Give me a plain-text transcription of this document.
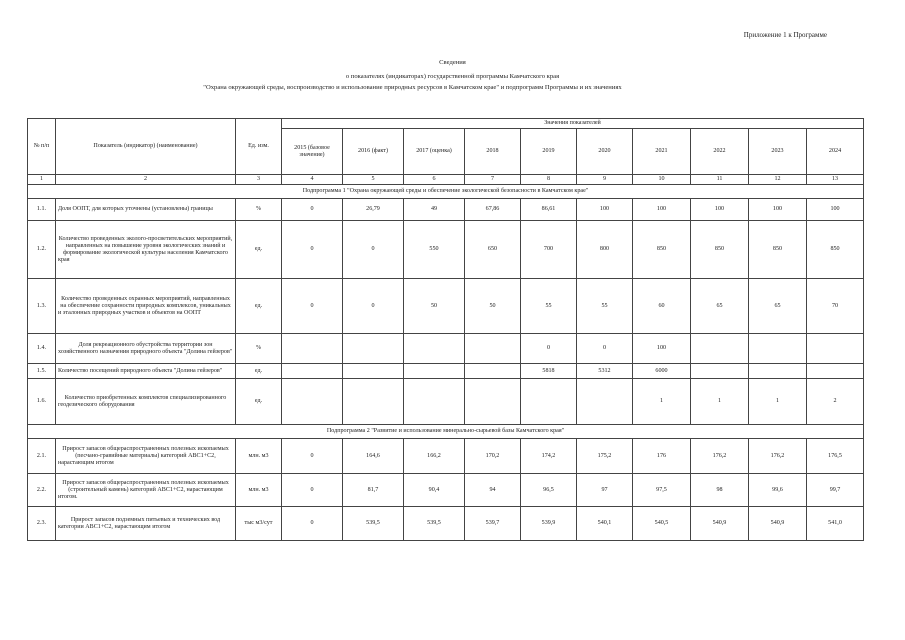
Приложение 1 к Программе
Сведения
о показателях (индикаторах) государственной программы Камчатского края
"Охрана окружающей среды, воспроизводство и использование природных ресурсов в Камчатском крае" и подпрограмм Программы и их значениях
№ п/п	Показатель (индикатор) (наименование)	Ед. изм.	Значения показателей									
			2015 (базовое значение)	2016 (факт)	2017 (оценка)	2018	2019	2020	2021	2022	2023	2024
1	2	3	4	5	6	7	8	9	10	11	12	13
Подпрограмма 1 "Охрана окружающей среды и обеспечение экологической безопасности в Камчатском крае"												
1.1.	Доля ООПТ, для которых уточнены (установлены) границы	%	0	26,79	49	67,86	86,61	100	100	100	100	100
1.2.	Количество проведенных эколого-просветительских мероприятий, направленных на повышение уровня экологических знаний и формирование экологической культуры населения Камчатского края	ед.	0	0	550	650	700	800	850	850	850	850
1.3.	Количество проведенных охранных мероприятий, направленных на обеспечение сохранности природных комплексов, уникальных и эталонных природных участков и объектов на ООПТ	ед.	0	0	50	50	55	55	60	65	65	70
1.4.	Доля рекреационного обустройства территории зон хозяйственного назначения природного объекта "Долина гейзеров"	%					0	0	100			
1.5.	Количество посещений природного объекта "Долина гейзеров"	ед.					5818	5312	6000			
1.6.	Количество приобретенных комплектов специализированного геодезического оборудования	ед.							1	1	1	2
Подпрограмма 2 "Развитие и использование минерально-сырьевой базы Камчатского края"												
2.1.	Прирост запасов общераспространенных полезных ископаемых (песчано-гравийные материалы) категорий АВС1+С2, нарастающим итогом	млн. м3	0	164,6	166,2	170,2	174,2	175,2	176	176,2	176,2	176,5
2.2.	Прирост запасов общераспространенных полезных ископаемых (строительный камень) категорий АВС1+С2, нарастающим итогом.	млн. м3	0	81,7	90,4	94	96,5	97	97,5	98	99,6	99,7
2.3.	Прирост запасов подземных питьевых и технических вод категории АВС1+С2, нарастающим итогом	тыс м3/сут	0	539,5	539,5	539,7	539,9	540,1	540,5	540,9	540,9	541,0
